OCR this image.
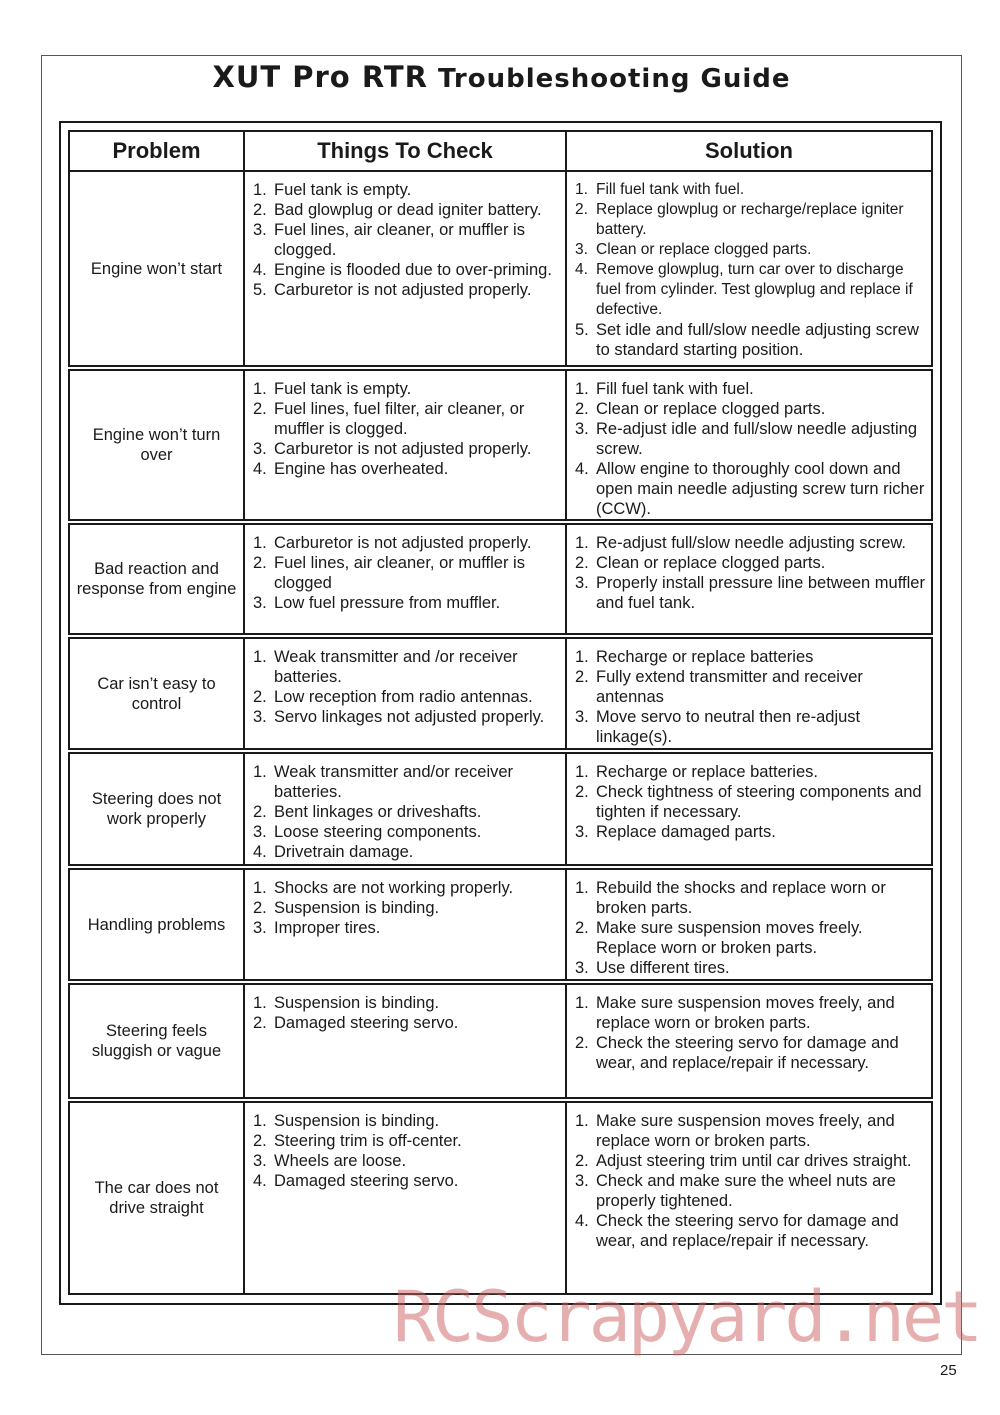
XUT Pro RTR Troubleshooting Guide
Problem	Things To Check	Solution
Engine won’t start
1. Fuel tank is empty.
2. Bad glowplug or dead igniter battery.
3. Fuel lines, air cleaner, or muffler is clogged.
4. Engine is flooded due to over-priming.
5. Carburetor is not adjusted properly.
1. Fill fuel tank with fuel.
2. Replace glowplug or recharge/replace igniter battery.
3. Clean or replace clogged parts.
4. Remove glowplug, turn car over to discharge fuel from cylinder. Test glowplug and replace if defective.
5. Set idle and full/slow needle adjusting screw to standard starting position.
Engine won’t turn over
1. Fuel tank is empty.
2. Fuel lines, fuel filter, air cleaner, or muffler is clogged.
3. Carburetor is not adjusted properly.
4. Engine has overheated.
1. Fill fuel tank with fuel.
2. Clean or replace clogged parts.
3. Re-adjust idle and full/slow needle adjusting screw.
4. Allow engine to thoroughly cool down and open main needle adjusting screw turn richer (CCW).
Bad reaction and response from engine
1. Carburetor is not adjusted properly.
2. Fuel lines, air cleaner, or muffler is clogged
3. Low fuel pressure from muffler.
1. Re-adjust full/slow needle adjusting screw.
2. Clean or replace clogged parts.
3. Properly install pressure line between muffler and fuel tank.
Car isn’t easy to control
1. Weak transmitter and /or receiver batteries.
2. Low reception from radio antennas.
3. Servo linkages not adjusted properly.
1. Recharge or replace batteries
2. Fully extend transmitter and receiver antennas
3. Move servo to neutral then re-adjust linkage(s).
Steering does not work properly
1. Weak transmitter and/or receiver batteries.
2. Bent linkages or driveshafts.
3. Loose steering components.
4. Drivetrain damage.
1. Recharge or replace batteries.
2. Check tightness of steering components and tighten if necessary.
3. Replace damaged parts.
Handling problems
1. Shocks are not working properly.
2. Suspension is binding.
3. Improper tires.
1. Rebuild the shocks and replace worn or broken parts.
2. Make sure suspension moves freely. Replace worn or broken parts.
3. Use different tires.
Steering feels sluggish or vague
1. Suspension is binding.
2. Damaged steering servo.
1. Make sure suspension moves freely, and replace worn or broken parts.
2. Check the steering servo for damage and wear, and replace/repair if necessary.
The car does not drive straight
1. Suspension is binding.
2. Steering trim is off-center.
3. Wheels are loose.
4. Damaged steering servo.
1. Make sure suspension moves freely, and replace worn or broken parts.
2. Adjust steering trim until car drives straight.
3. Check and make sure the wheel nuts are properly tightened.
4. Check the steering servo for damage and wear, and replace/repair if necessary.
RCScrapyard.net
25
